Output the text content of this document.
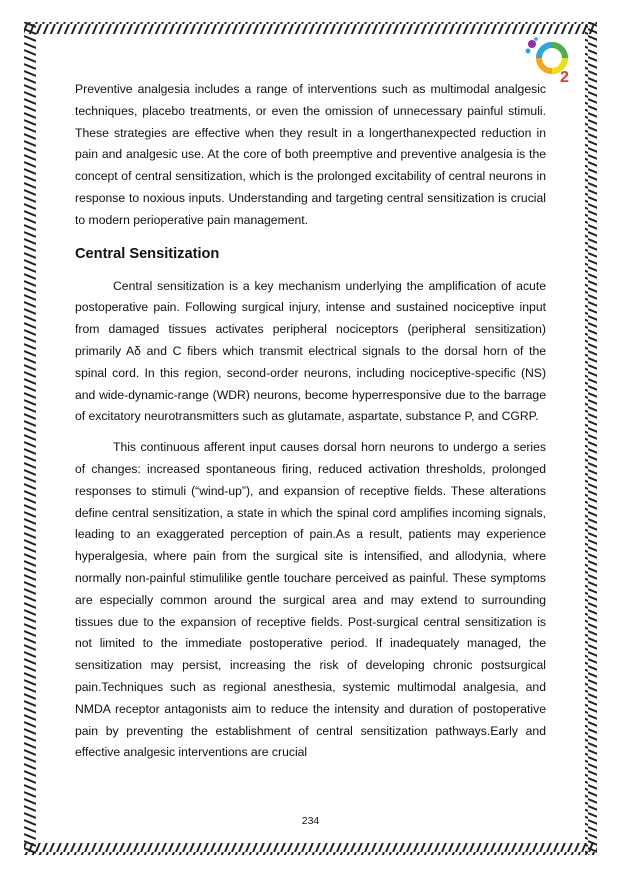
2

Preventive analgesia includes a range of interventions such as multimodal analgesic techniques, placebo treatments, or even the omission of unnecessary painful stimuli. These strategies are effective when they result in a longerthanexpected reduction in pain and analgesic use. At the core of both preemptive and preventive analgesia is the concept of central sensitization, which is the prolonged excitability of central neurons in response to noxious inputs. Understanding and targeting central sensitization is crucial to modern perioperative pain management.

Central Sensitization

Central sensitization is a key mechanism underlying the amplification of acute postoperative pain. Following surgical injury, intense and sustained nociceptive input from damaged tissues activates peripheral nociceptors (peripheral sensitization) primarily Aδ and C fibers which transmit electrical signals to the dorsal horn of the spinal cord. In this region, second-order neurons, including nociceptive-specific (NS) and wide-dynamic-range (WDR) neurons, become hyperresponsive due to the barrage of excitatory neurotransmitters such as glutamate, aspartate, substance P, and CGRP.

This continuous afferent input causes dorsal horn neurons to undergo a series of changes: increased spontaneous firing, reduced activation thresholds, prolonged responses to stimuli (“wind-up”), and expansion of receptive fields. These alterations define central sensitization, a state in which the spinal cord amplifies incoming signals, leading to an exaggerated perception of pain.As a result, patients may experience hyperalgesia, where pain from the surgical site is intensified, and allodynia, where normally non-painful stimulilike gentle touchare perceived as painful. These symptoms are especially common around the surgical area and may extend to surrounding tissues due to the expansion of receptive fields. Post-surgical central sensitization is not limited to the immediate postoperative period. If inadequately managed, the sensitization may persist, increasing the risk of developing chronic postsurgical pain.Techniques such as regional anesthesia, systemic multimodal analgesia, and NMDA receptor antagonists aim to reduce the intensity and duration of postoperative pain by preventing the establishment of central sensitization pathways.Early and effective analgesic interventions are crucial

234
